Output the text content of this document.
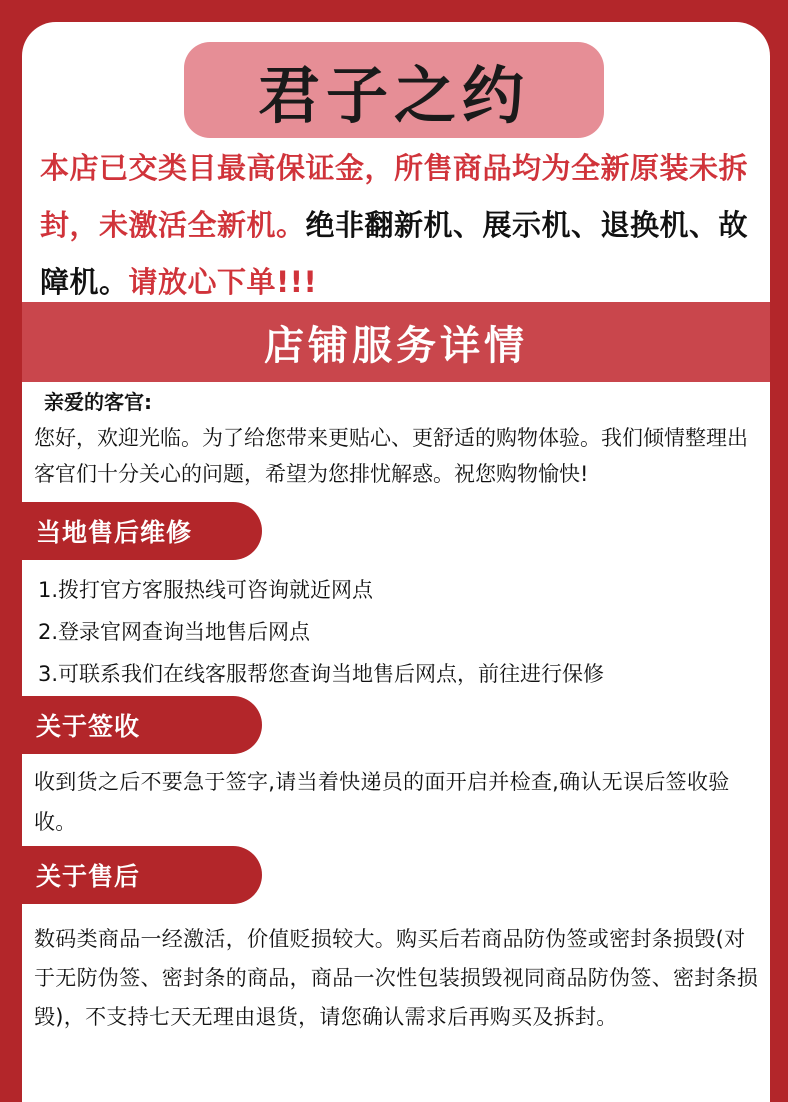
君子之约
本店已交类目最高保证金，所售商品均为全新原装未拆封，未激活全新机。绝非翻新机、展示机、退换机、故障机。请放心下单!!!
店铺服务详情
亲爱的客官:
您好，欢迎光临。为了给您带来更贴心、更舒适的购物体验。我们倾情整理出客官们十分关心的问题，希望为您排忧解惑。祝您购物愉快!
当地售后维修
1.拨打官方客服热线可咨询就近网点
2.登录官网查询当地售后网点
3.可联系我们在线客服帮您查询当地售后网点，前往进行保修
关于签收
收到货之后不要急于签字,请当着快递员的面开启并检查,确认无误后签收验收。
关于售后
数码类商品一经激活，价值贬损较大。购买后若商品防伪签或密封条损毁(对于无防伪签、密封条的商品，商品一次性包装损毁视同商品防伪签、密封条损毁)，不支持七天无理由退货，请您确认需求后再购买及拆封。
